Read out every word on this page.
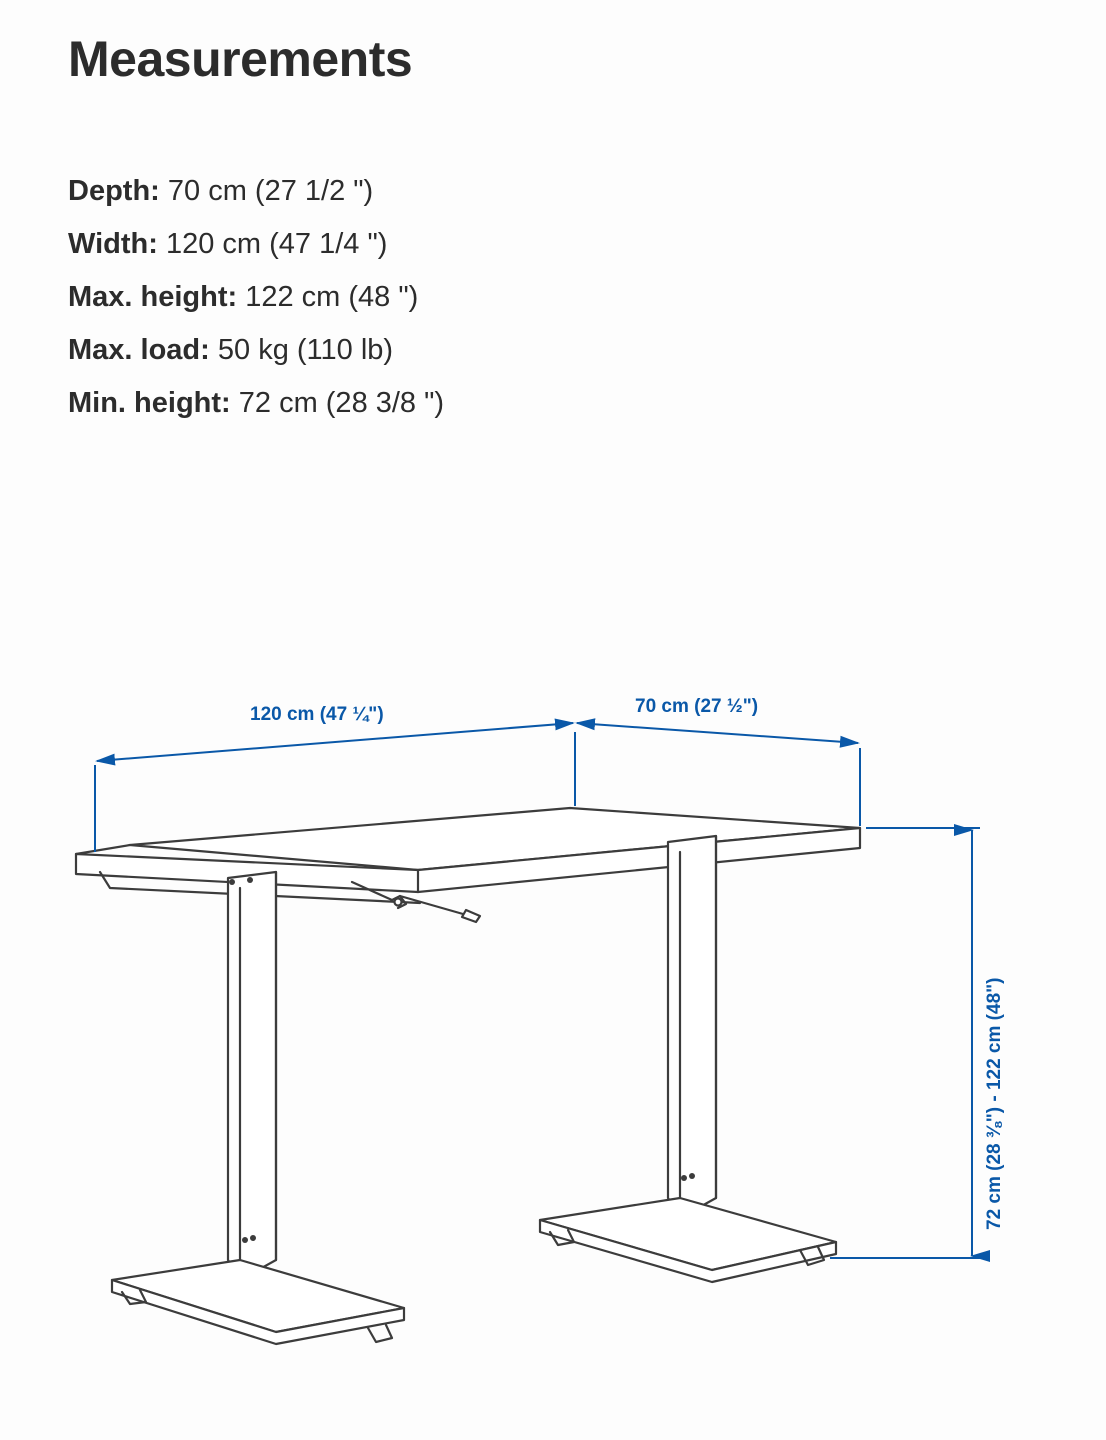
Measurements
Depth: 70 cm (27 1/2 ")
Width: 120 cm (47 1/4 ")
Max. height: 122 cm (48 ")
Max. load: 50 kg (110 lb)
Min. height: 72 cm (28 3/8 ")
120 cm (47 ¼")	70 cm (27 ½")
72 cm (28 ⅜") - 122 cm (48")
